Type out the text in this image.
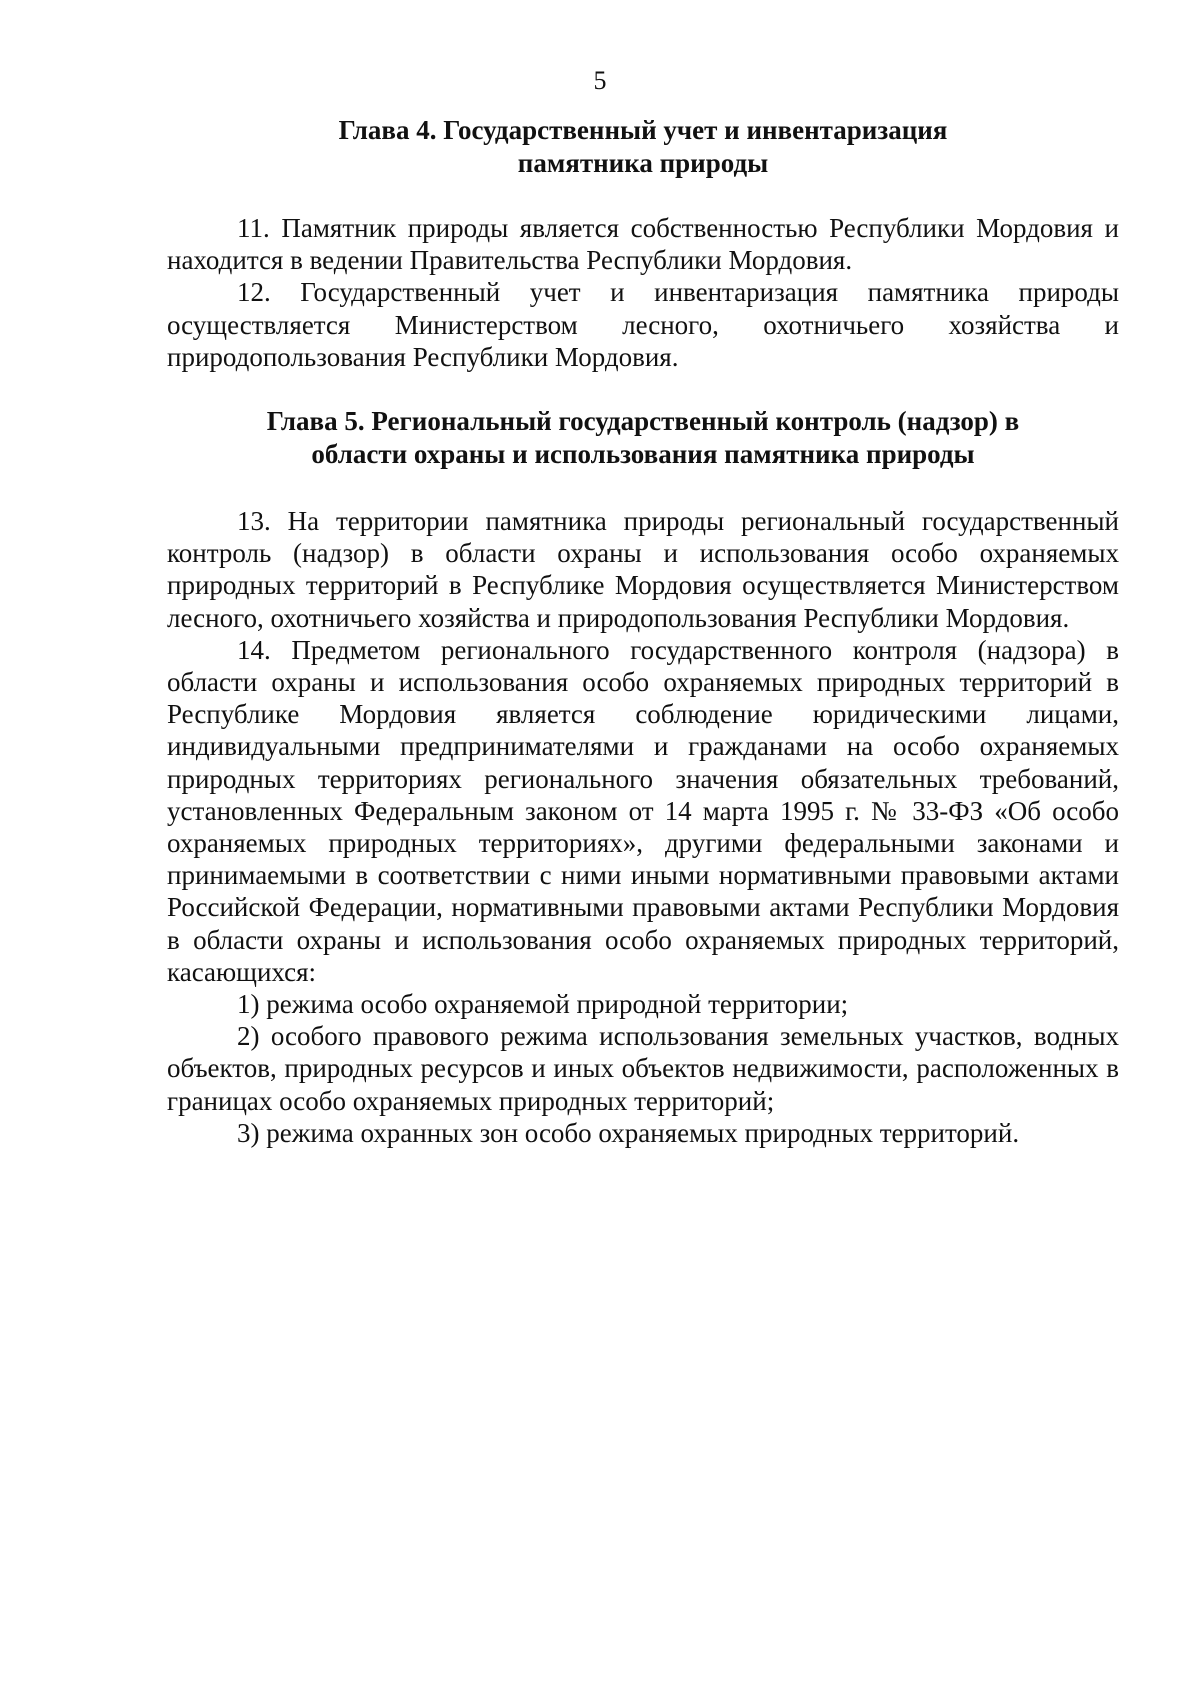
5
Глава 4. Государственный учет и инвентаризация
памятника природы

11. Памятник природы является собственностью Республики Мордовия и находится в ведении Правительства Республики Мордовия.

12. Государственный учет и инвентаризация памятника природы осуществляется Министерством лесного, охотничьего хозяйства и природопользования Республики Мордовия.

Глава 5. Региональный государственный контроль (надзор) в
области охраны и использования памятника природы

13. На территории памятника природы региональный государственный контроль (надзор) в области охраны и использования особо охраняемых природных территорий в Республике Мордовия осуществляется Министерством лесного, охотничьего хозяйства и природопользования Республики Мордовия.

14. Предметом регионального государственного контроля (надзора) в области охраны и использования особо охраняемых природных территорий в Республике Мордовия является соблюдение юридическими лицами, индивидуальными предпринимателями и гражданами на особо охраняемых природных территориях регионального значения обязательных требований, установленных Федеральным законом от 14 марта 1995 г. № 33-ФЗ «Об особо охраняемых природных территориях», другими федеральными законами и принимаемыми в соответствии с ними иными нормативными правовыми актами Российской Федерации, нормативными правовыми актами Республики Мордовия в области охраны и использования особо охраняемых природных территорий, касающихся:

1) режима особо охраняемой природной территории;

2) особого правового режима использования земельных участков, водных объектов, природных ресурсов и иных объектов недвижимости, расположенных в границах особо охраняемых природных территорий;

3) режима охранных зон особо охраняемых природных территорий.
